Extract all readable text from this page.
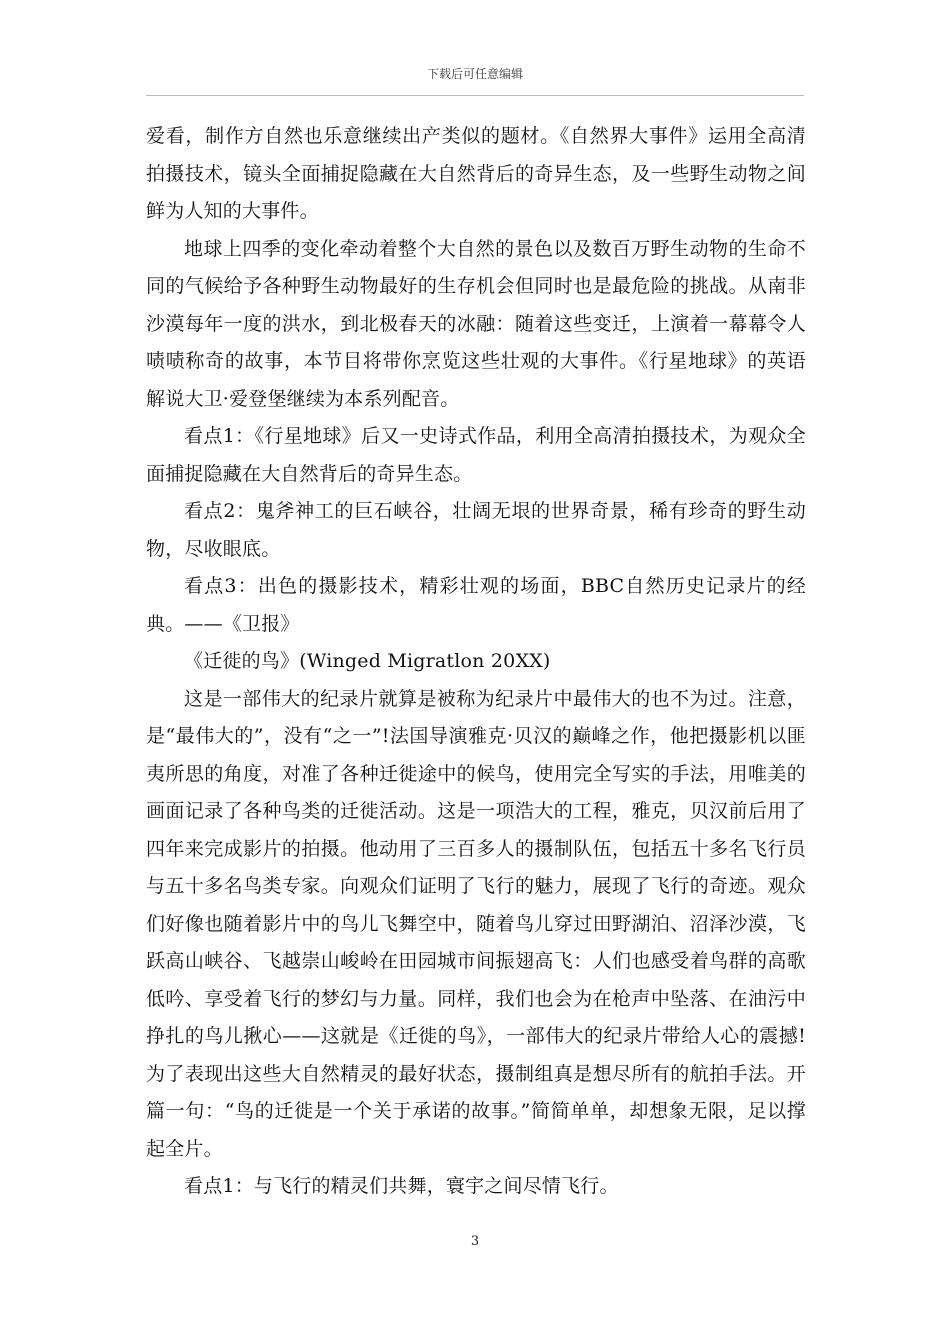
下载后可任意编辑

爱看，制作方自然也乐意继续出产类似的题材。《自然界大事件》运用全高清拍摄技术，镜头全面捕捉隐藏在大自然背后的奇异生态，及一些野生动物之间鲜为人知的大事件。

地球上四季的变化牵动着整个大自然的景色以及数百万野生动物的生命不同的气候给予各种野生动物最好的生存机会但同时也是最危险的挑战。从南非沙漠每年一度的洪水，到北极春天的冰融：随着这些变迁，上演着一幕幕令人啧啧称奇的故事，本节目将带你烹览这些壮观的大事件。《行星地球》的英语解说大卫·爱登堡继续为本系列配音。

看点1：《行星地球》后又一史诗式作品，利用全高清拍摄技术，为观众全面捕捉隐藏在大自然背后的奇异生态。

看点2：鬼斧神工的巨石峡谷，壮阔无垠的世界奇景，稀有珍奇的野生动物，尽收眼底。

看点3：出色的摄影技术，精彩壮观的场面，BBC自然历史记录片的经典。——《卫报》

《迁徙的鸟》(Winged Migratlon 20XX)

这是一部伟大的纪录片就算是被称为纪录片中最伟大的也不为过。注意，是“最伟大的”，没有“之一”!法国导演雅克·贝汉的巅峰之作，他把摄影机以匪夷所思的角度，对准了各种迁徙途中的候鸟，使用完全写实的手法，用唯美的画面记录了各种鸟类的迁徙活动。这是一项浩大的工程，雅克，贝汉前后用了四年来完成影片的拍摄。他动用了三百多人的摄制队伍，包括五十多名飞行员与五十多名鸟类专家。向观众们证明了飞行的魅力，展现了飞行的奇迹。观众们好像也随着影片中的鸟儿飞舞空中，随着鸟儿穿过田野湖泊、沼泽沙漠，飞跃高山峡谷、飞越崇山峻岭在田园城市间振翅高飞：人们也感受着鸟群的高歌低吟、享受着飞行的梦幻与力量。同样，我们也会为在枪声中坠落、在油污中挣扎的鸟儿揪心——这就是《迁徙的鸟》，一部伟大的纪录片带给人心的震撼!为了表现出这些大自然精灵的最好状态，摄制组真是想尽所有的航拍手法。开篇一句：“鸟的迁徙是一个关于承诺的故事。”简简单单，却想象无限，足以撑起全片。

看点1：与飞行的精灵们共舞，寰宇之间尽情飞行。

3
